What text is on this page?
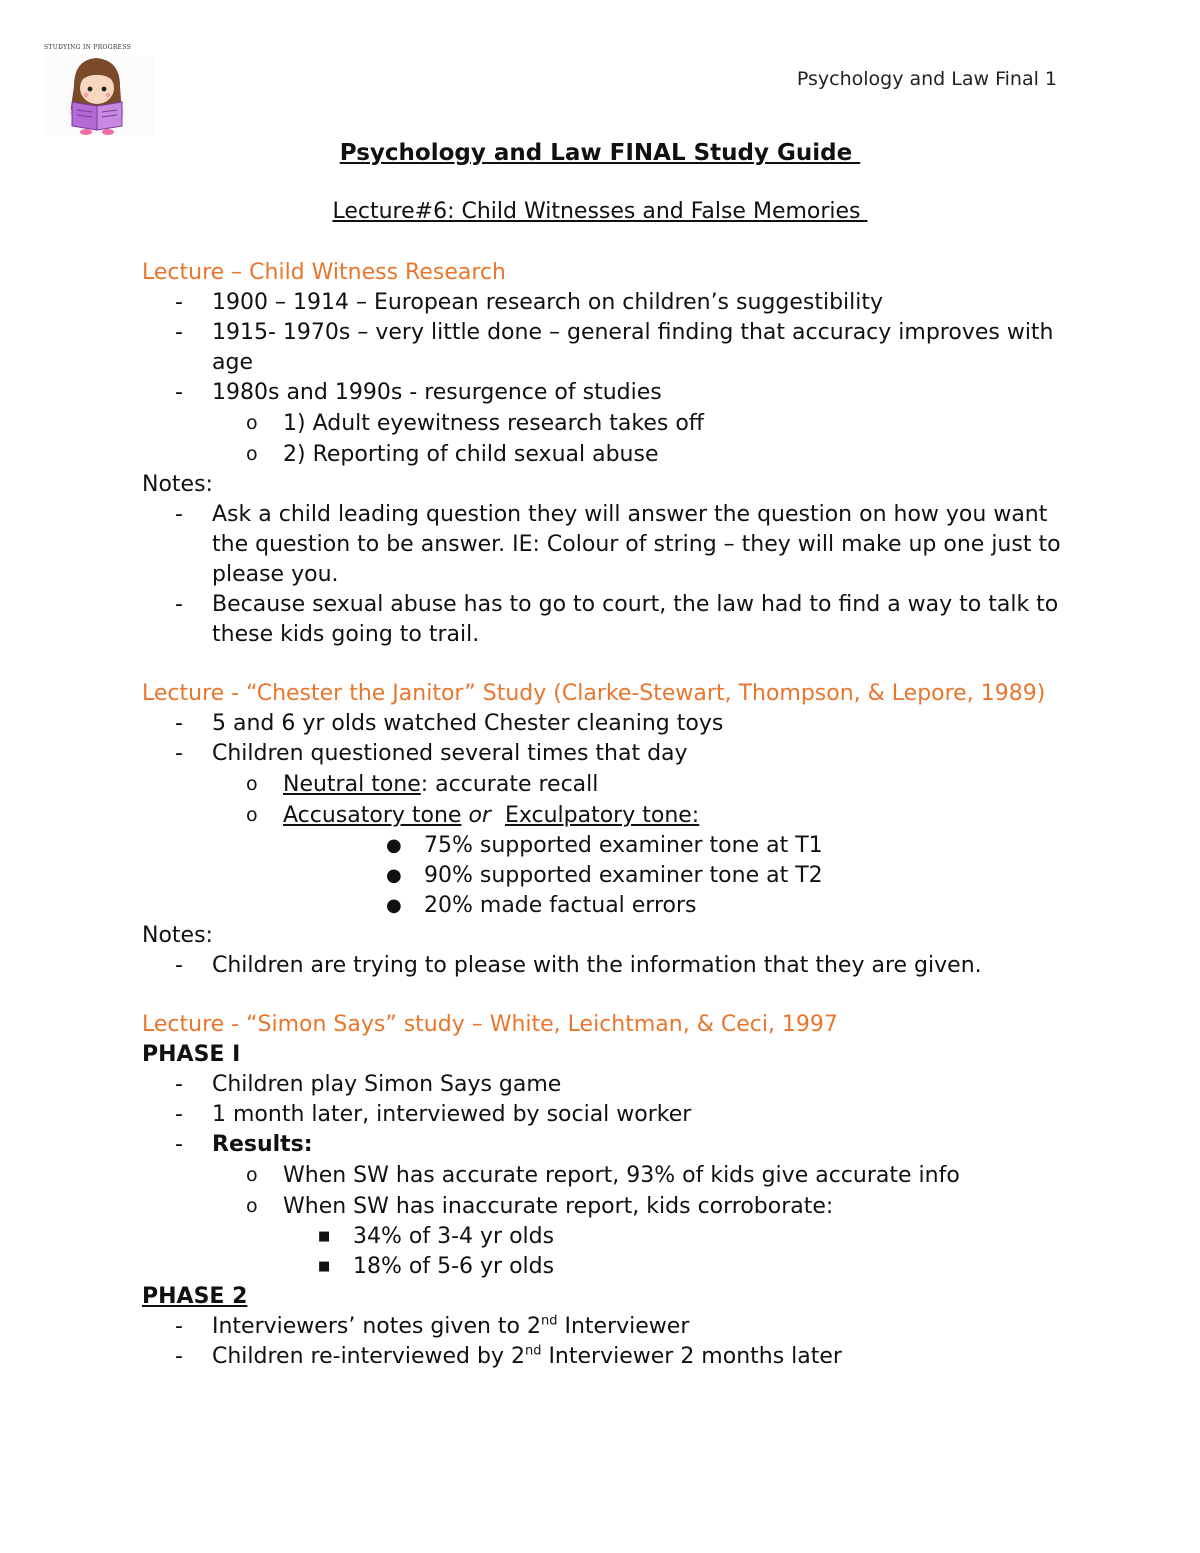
STUDYING IN PROGRESS
Psychology and Law Final 1
Psychology and Law FINAL Study Guide
Lecture#6: Child Witnesses and False Memories
Lecture – Child Witness Research
- 1900 – 1914 – European research on children’s suggestibility
- 1915- 1970s – very little done – general finding that accuracy improves with age
- 1980s and 1990s - resurgence of studies
o 1) Adult eyewitness research takes off
o 2) Reporting of child sexual abuse
Notes:
- Ask a child leading question they will answer the question on how you want the question to be answer. IE: Colour of string – they will make up one just to please you.
- Because sexual abuse has to go to court, the law had to find a way to talk to these kids going to trail.
Lecture - “Chester the Janitor” Study (Clarke-Stewart, Thompson, & Lepore, 1989)
- 5 and 6 yr olds watched Chester cleaning toys
- Children questioned several times that day
o Neutral tone: accurate recall
o Accusatory tone or Exculpatory tone:
● 75% supported examiner tone at T1
● 90% supported examiner tone at T2
● 20% made factual errors
Notes:
- Children are trying to please with the information that they are given.
Lecture - “Simon Says” study – White, Leichtman, & Ceci, 1997
PHASE I
- Children play Simon Says game
- 1 month later, interviewed by social worker
- Results:
o When SW has accurate report, 93% of kids give accurate info
o When SW has inaccurate report, kids corroborate:
■ 34% of 3-4 yr olds
■ 18% of 5-6 yr olds
PHASE 2
- Interviewers’ notes given to 2nd Interviewer
- Children re-interviewed by 2nd Interviewer 2 months later
